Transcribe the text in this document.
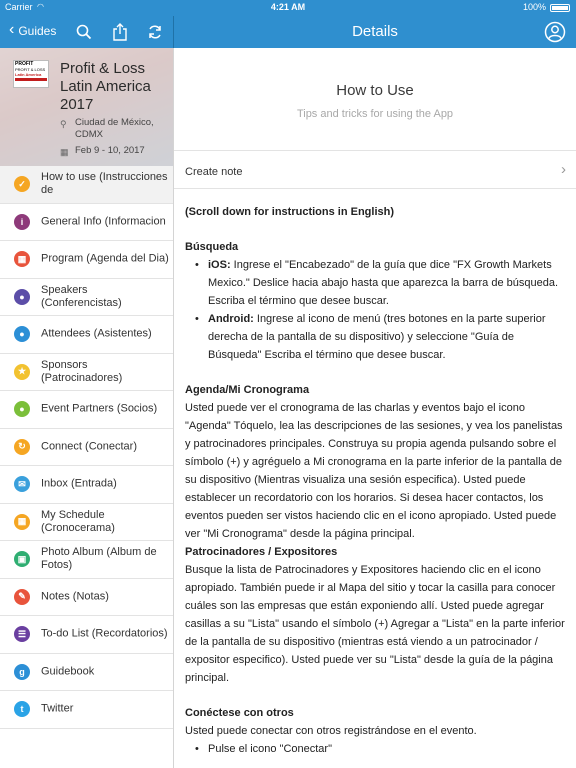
Carrier ◠	4:21 AM	100%
‹ Guides	Details
PROFIT
PROFIT & LOSS
Latin America	Profit & Loss Latin America 2017
⚲ Ciudad de México, CDMX
▦ Feb 9 - 10, 2017
✓
How to use (Instrucciones de
i	General Info (Informacion
▦	Program (Agenda del Dia)
●
Speakers (Conferencistas)
●	Attendees (Asistentes)
★
Sponsors (Patrocinadores)
●	Event Partners (Socios)
↻	Connect (Conectar)
✉	Inbox (Entrada)
▦
My Schedule (Cronocerama)
▣
Photo Album (Album de Fotos)
✎	Notes (Notas)
☰	To-do List (Recordatorios)
g	Guidebook
t	Twitter
How to Use
Tips and tricks for using the App
Create note	›

(Scroll down for instructions in English)

Búsqueda

• iOS: Ingrese el "Encabezado" de la guía que dice "FX Growth Markets Mexico." Deslice hacia abajo hasta que aparezca la barra de búsqueda. Escriba el término que desee buscar.
• Android: Ingrese al icono de menú (tres botones en la parte superior derecha de la pantalla de su dispositivo) y seleccione "Guía de Búsqueda" Escriba el término que desee buscar.

Agenda/Mi Cronograma

Usted puede ver el cronograma de las charlas y eventos bajo el icono "Agenda" Tóquelo, lea las descripciones de las sesiones, y vea los panelistas y patrocinadores principales. Construya su propia agenda pulsando sobre el símbolo (+) y agréguelo a Mi cronograma en la parte inferior de la pantalla de su dispositivo (Mientras visualiza una sesión especifica). Usted puede establecer un recordatorio con los horarios. Si desea hacer contactos, los eventos pueden ser vistos haciendo clic en el icono apropiado. Usted puede ver "Mi Cronograma" desde la página principal.

Patrocinadores / Expositores

Busque la lista de Patrocinadores y Expositores haciendo clic en el icono apropiado. También puede ir al Mapa del sitio y tocar la casilla para conocer cuáles son las empresas que están exponiendo allí. Usted puede agregar casillas a su "Lista" usando el símbolo (+) Agregar a "Lista" en la parte inferior de la pantalla de su dispositivo (mientras está viendo a un patrocinador / expositor especifico). Usted puede ver su "Lista" desde la guía de la página principal.

Conéctese con otros

Usted puede conectar con otros registrándose en el evento.

• Pulse el icono "Conectar"
